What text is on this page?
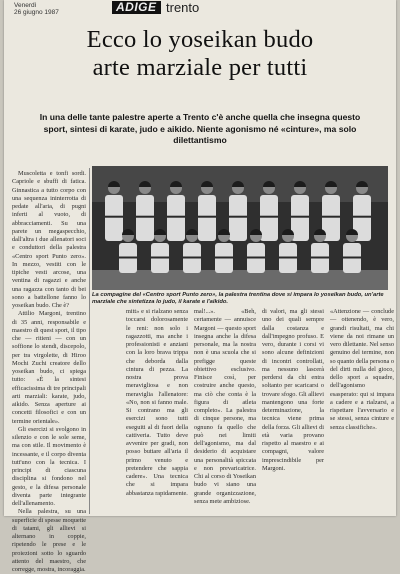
Venerdì
26 giugno 1987	ADIGE trento
Ecco lo yoseikan budo
arte marziale per tutti
In una delle tante palestre aperte a Trento c'è anche quella che insegna questo sport, sintesi di karate, judo e aikido. Niente agonismo né «cinture», ma solo dilettantismo

Muscoletta e tonfi sordi. Capriole e sbuffi di fatica. Ginnastica a tutto corpo con una sequenza ininterrotta di pedate all'aria, di pugni inferti al vuoto, di abbracciamenti. Su una parete un megaspecchio, dall'altra i due allenatori soci e conduttori della palestra «Centro sport Punto zero». In mezzo, vestiti con le tipiche vesti arcose, una ventina di ragazzi e anche una ragazza con tanto di bei sono a battellone fanno lo yoseikan budo. Che è?

Attilio Margoni, trentino di 35 anni, responsabile e maestro di quest sport, il tipo che — ritieni — con un soffione lo stendi, discepolo, per tra virgolette, di Hiroo Mochi Zuchi creatore dello yoseikan budo, ci spiega tutto: «È la sintesi efficacissima di tre principali arti marziali: karate, judo, aikido. Senza aperture ai concetti filosofici e con un termine orientale».

Gli esercizi si svolgono in silenzio e con le sole seme, ma con stile. Il movimento è incessante, e il corpo diventa tutt'uno con la tecnica. I principi di ciascuna disciplina si fondono nel gesto, e la difesa personale diventa parte integrante dell'allenamento.

Nella palestra, su una superficie di spesse moquette di tatami, gli allievi si alternano in coppie, ripetendo le prese e le proiezioni sotto lo sguardo attento del maestro, che corregge, mostra, incoraggia.

La compagine del «Centro sport Punto zero», la palestra trentina dove si impara lo yoseikan budo, un'arte marziale che sintetizza lo judo, il karate e l'aikido.
mitt» e si rialzano senza toccarsi dolorosamente le reni: non solo i ragazzotti, ma anche i professionisti e anziani con la loro brava trippa che deborda dalla cintura di pezza. La nostra prova meravigliosa e non meraviglia l'allenatore: «No, non si fanno male. Si contrano ma gli esercizi sono tutti eseguiti al di fuori della cattiveria. Tutto deve avvenire per gradi, non posso buttare all'aria il primo venuto e pretendere che sappia cadere». Una tecnica che si impara abbastanza rapidamente.
mal!...». «Beh, certamente — annuisce Margoni — questo sport insegna anche la difesa personale, ma la nostra non è una scuola che si prefigge queste obiettivo esclusivo. Finisce così, per costruire anche questo, ma ciò che conta è la figura di atleta completo». La palestra di cinque persone, ma ognuno fa quello che può nei limiti dell'agonismo, ma dal desiderio di acquistare una personalità spiccata e non prevaricatrice. Chi al corso di Yoseikan budo vi siano una grande organizzazione, senza mete ambiziose.
di valori, ma gli stessi uno dei quali sempre dalla costanza e dall'impegno profuso. E vero, durante i corsi vi sono alcune definizioni di incontri controllati, ma nessuno lascerà perdersi da chi entra soltanto per scaricarsi o trovare sfogo. Gli allievi mantengono una forte determinazione, la tecnica viene prima della forza. Gli allievi di età varia provano rispetto al maestro e ai compagni, valore imprescindibile per Margoni.
«Attenzione — conclude — ottenendo, è vero, grandi risultati, ma chi viene da noi rimane un vero dilettante. Nel senso genuino del termine, non so quanto della persona o del dirti nulla del gioco, dello sport a squadre, dell'agonismo esasperato: qui si impara a cadere e a rialzarsi, a rispettare l'avversario e se stessi, senza cinture e senza classifiche».
